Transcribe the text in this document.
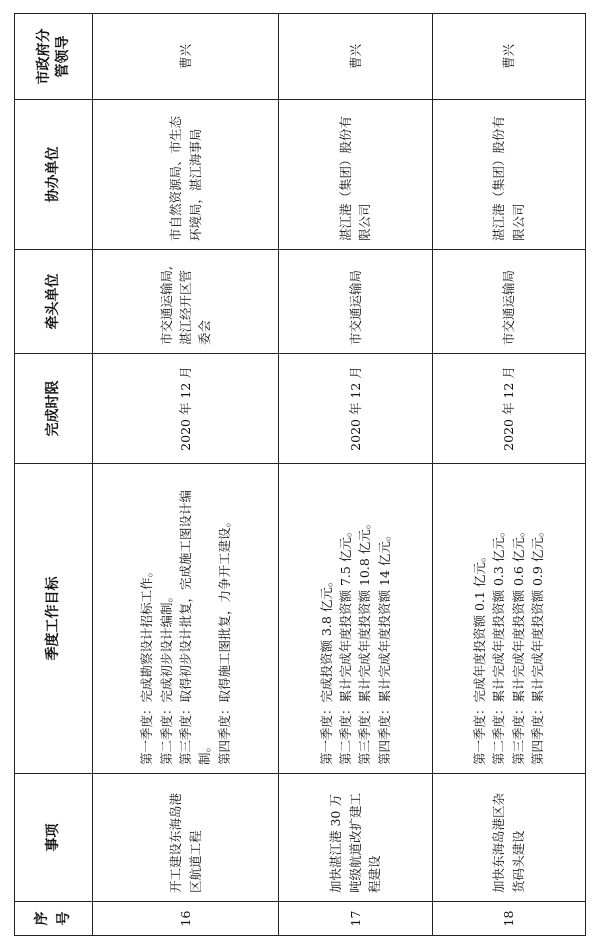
序号	事项	季度工作目标	完成时限	牵头单位	协办单位	市政府分管领导
16	开工建设东海岛港区航道工程	第一季度：完成勘察设计招标工作。 第二季度：完成初步设计编制。 第三季度：取得初步设计批复，完成施工图设计编制。 第四季度：取得施工图批复，力争开工建设。	2020 年 12 月	市交通运输局,湛江经开区管委会	市自然资源局、市生态环境局，湛江海事局	曹兴
17	加快湛江港 30 万吨级航道改扩建工程建设	第一季度：完成投资额 3.8 亿元。 第二季度：累计完成年度投资额 7.5 亿元。 第三季度：累计完成年度投资额 10.8 亿元。 第四季度：累计完成年度投资额 14 亿元。	2020 年 12 月	市交通运输局	湛江港（集团）股份有限公司	曹兴
18	加快东海岛港区杂货码头建设	第一季度：完成年度投资额 0.1 亿元。 第二季度：累计完成年度投资额 0.3 亿元。 第三季度：累计完成年度投资额 0.6 亿元。 第四季度：累计完成年度投资额 0.9 亿元。	2020 年 12 月	市交通运输局	湛江港（集团）股份有限公司	曹兴
